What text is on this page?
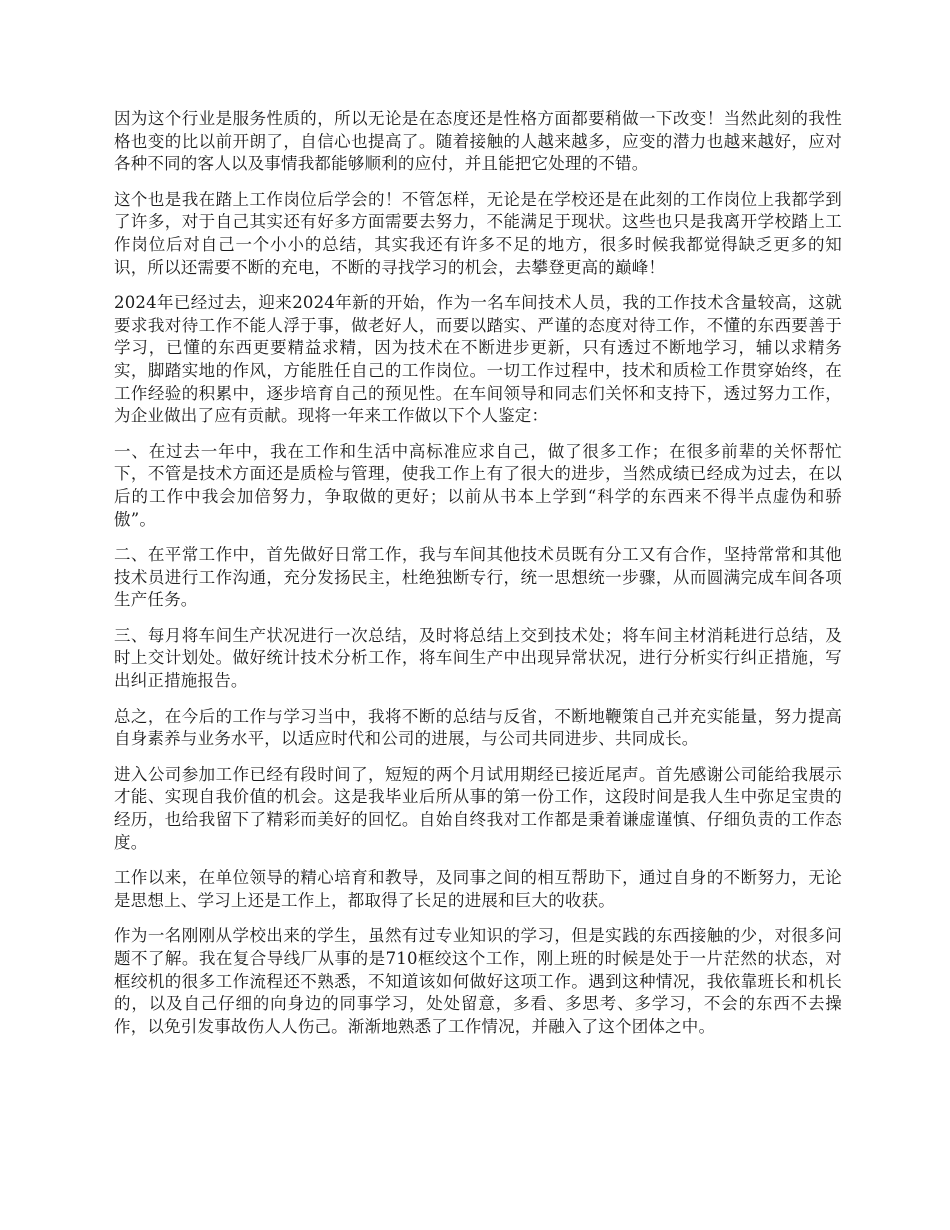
因为这个行业是服务性质的，所以无论是在态度还是性格方面都要稍做一下改变！当然此刻的我性格也变的比以前开朗了，自信心也提高了。随着接触的人越来越多，应变的潜力也越来越好，应对各种不同的客人以及事情我都能够顺利的应付，并且能把它处理的不错。

这个也是我在踏上工作岗位后学会的！不管怎样，无论是在学校还是在此刻的工作岗位上我都学到了许多，对于自己其实还有好多方面需要去努力，不能满足于现状。这些也只是我离开学校踏上工作岗位后对自己一个小小的总结，其实我还有许多不足的地方，很多时候我都觉得缺乏更多的知识，所以还需要不断的充电，不断的寻找学习的机会，去攀登更高的巅峰！

2024年已经过去，迎来2024年新的开始，作为一名车间技术人员，我的工作技术含量较高，这就要求我对待工作不能人浮于事，做老好人，而要以踏实、严谨的态度对待工作，不懂的东西要善于学习，已懂的东西更要精益求精，因为技术在不断进步更新，只有透过不断地学习，辅以求精务实，脚踏实地的作风，方能胜任自己的工作岗位。一切工作过程中，技术和质检工作贯穿始终，在工作经验的积累中，逐步培育自己的预见性。在车间领导和同志们关怀和支持下，透过努力工作，为企业做出了应有贡献。现将一年来工作做以下个人鉴定：

一、在过去一年中，我在工作和生活中高标准应求自己，做了很多工作；在很多前辈的关怀帮忙下，不管是技术方面还是质检与管理，使我工作上有了很大的进步，当然成绩已经成为过去，在以后的工作中我会加倍努力，争取做的更好；以前从书本上学到“科学的东西来不得半点虚伪和骄傲”。

二、在平常工作中，首先做好日常工作，我与车间其他技术员既有分工又有合作，坚持常常和其他技术员进行工作沟通，充分发扬民主，杜绝独断专行，统一思想统一步骤，从而圆满完成车间各项生产任务。

三、每月将车间生产状况进行一次总结，及时将总结上交到技术处；将车间主材消耗进行总结，及时上交计划处。做好统计技术分析工作，将车间生产中出现异常状况，进行分析实行纠正措施，写出纠正措施报告。

总之，在今后的工作与学习当中，我将不断的总结与反省，不断地鞭策自己并充实能量，努力提高自身素养与业务水平，以适应时代和公司的进展，与公司共同进步、共同成长。

进入公司参加工作已经有段时间了，短短的两个月试用期经已接近尾声。首先感谢公司能给我展示才能、实现自我价值的机会。这是我毕业后所从事的第一份工作，这段时间是我人生中弥足宝贵的经历，也给我留下了精彩而美好的回忆。自始自终我对工作都是秉着谦虚谨慎、仔细负责的工作态度。

工作以来，在单位领导的精心培育和教导，及同事之间的相互帮助下，通过自身的不断努力，无论是思想上、学习上还是工作上，都取得了长足的进展和巨大的收获。

作为一名刚刚从学校出来的学生，虽然有过专业知识的学习，但是实践的东西接触的少，对很多问题不了解。我在复合导线厂从事的是710框绞这个工作，刚上班的时候是处于一片茫然的状态，对框绞机的很多工作流程还不熟悉，不知道该如何做好这项工作。遇到这种情况，我依靠班长和机长的，以及自己仔细的向身边的同事学习，处处留意，多看、多思考、多学习，不会的东西不去操作，以免引发事故伤人人伤己。渐渐地熟悉了工作情况，并融入了这个团体之中。
